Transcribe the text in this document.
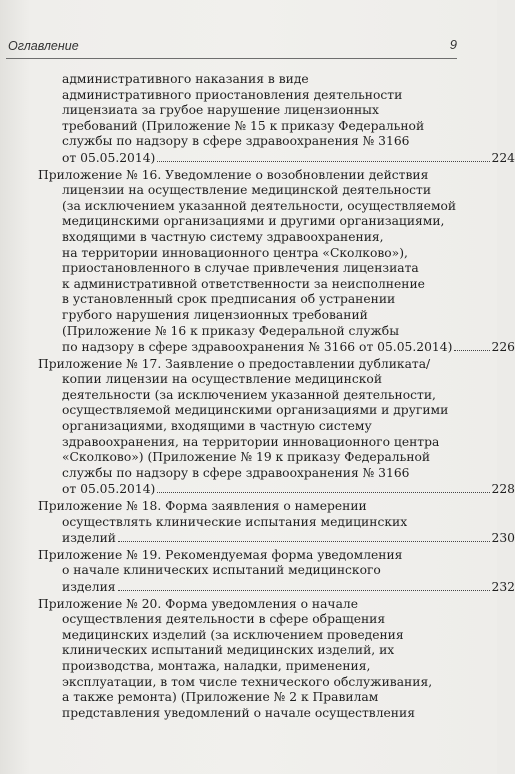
Оглавление	9
административного наказания в виде
административного приостановления деятельности
лицензиата за грубое нарушение лицензионных
требований (Приложение № 15 к приказу Федеральной
службы по надзору в сфере здравоохранения № 3166
от 05.05.2014)	224
Приложение № 16. Уведомление о возобновлении действия
лицензии на осуществление медицинской деятельности
(за исключением указанной деятельности, осуществляемой
медицинскими организациями и другими организациями,
входящими в частную систему здравоохранения,
на территории инновационного центра «Сколково»),
приостановленного в случае привлечения лицензиата
к административной ответственности за неисполнение
в установленный срок предписания об устранении
грубого нарушения лицензионных требований
(Приложение № 16 к приказу Федеральной службы
по надзору в сфере здравоохранения № 3166 от 05.05.2014)	226
Приложение № 17. Заявление о предоставлении дубликата/
копии лицензии на осуществление медицинской
деятельности (за исключением указанной деятельности,
осуществляемой медицинскими организациями и другими
организациями, входящими в частную систему
здравоохранения, на территории инновационного центра
«Сколково») (Приложение № 19 к приказу Федеральной
службы по надзору в сфере здравоохранения № 3166
от 05.05.2014)	228
Приложение № 18. Форма заявления о намерении
осуществлять клинические испытания медицинских
изделий	230
Приложение № 19. Рекомендуемая форма уведомления
о начале клинических испытаний медицинского
изделия	232
Приложение № 20. Форма уведомления о начале
осуществления деятельности в сфере обращения
медицинских изделий (за исключением проведения
клинических испытаний медицинских изделий, их
производства, монтажа, наладки, применения,
эксплуатации, в том числе технического обслуживания,
а также ремонта) (Приложение № 2 к Правилам
представления уведомлений о начале осуществления
